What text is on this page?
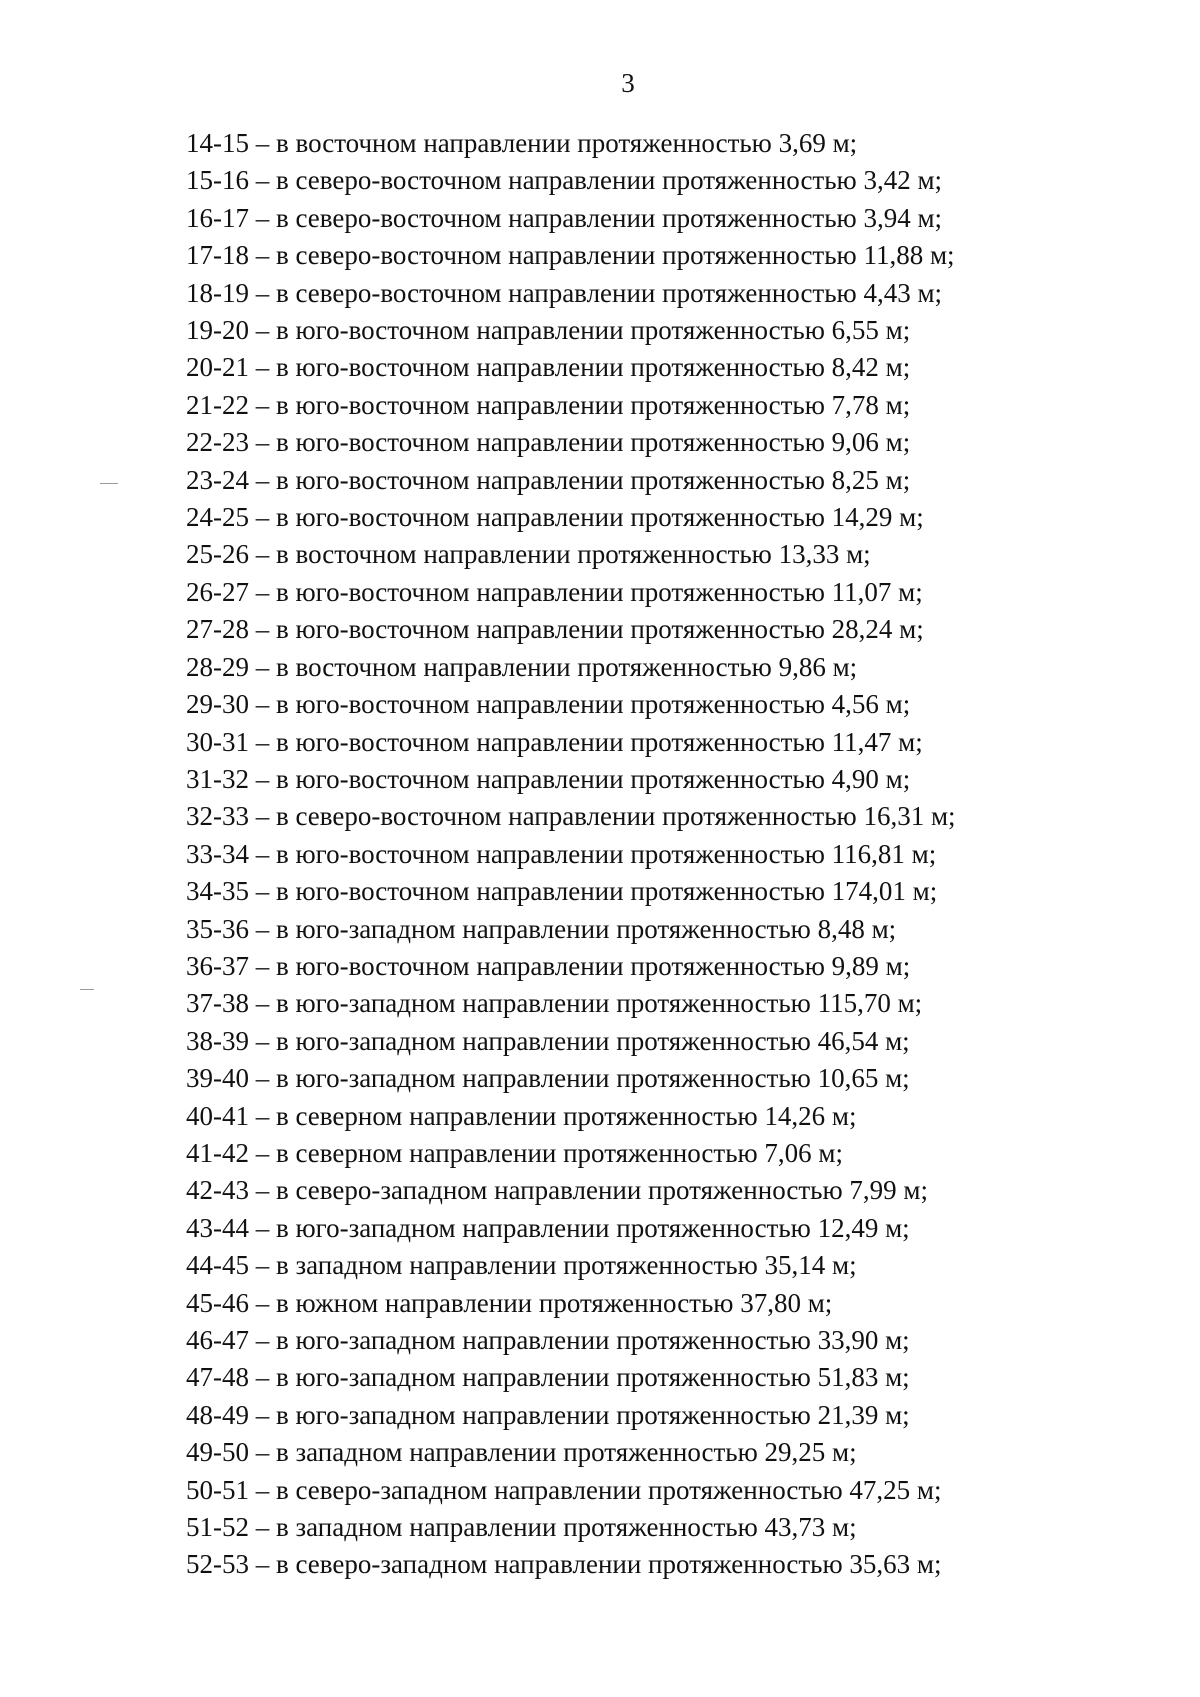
3
14-15 – в восточном направлении протяженностью 3,69 м;
15-16 – в северо-восточном направлении протяженностью 3,42 м;
16-17 – в северо-восточном направлении протяженностью 3,94 м;
17-18 – в северо-восточном направлении протяженностью 11,88 м;
18-19 – в северо-восточном направлении протяженностью 4,43 м;
19-20 – в юго-восточном направлении протяженностью 6,55 м;
20-21 – в юго-восточном направлении протяженностью 8,42 м;
21-22 – в юго-восточном направлении протяженностью 7,78 м;
22-23 – в юго-восточном направлении протяженностью 9,06 м;
23-24 – в юго-восточном направлении протяженностью 8,25 м;
24-25 – в юго-восточном направлении протяженностью 14,29 м;
25-26 – в восточном направлении протяженностью 13,33 м;
26-27 – в юго-восточном направлении протяженностью 11,07 м;
27-28 – в юго-восточном направлении протяженностью 28,24 м;
28-29 – в восточном направлении протяженностью 9,86 м;
29-30 – в юго-восточном направлении протяженностью 4,56 м;
30-31 – в юго-восточном направлении протяженностью 11,47 м;
31-32 – в юго-восточном направлении протяженностью 4,90 м;
32-33 – в северо-восточном направлении протяженностью 16,31 м;
33-34 – в юго-восточном направлении протяженностью 116,81 м;
34-35 – в юго-восточном направлении протяженностью 174,01 м;
35-36 – в юго-западном направлении протяженностью 8,48 м;
36-37 – в юго-восточном направлении протяженностью 9,89 м;
37-38 – в юго-западном направлении протяженностью 115,70 м;
38-39 – в юго-западном направлении протяженностью 46,54 м;
39-40 – в юго-западном направлении протяженностью 10,65 м;
40-41 – в северном направлении протяженностью 14,26 м;
41-42 – в северном направлении протяженностью 7,06 м;
42-43 – в северо-западном направлении протяженностью 7,99 м;
43-44 – в юго-западном направлении протяженностью 12,49 м;
44-45 – в западном направлении протяженностью 35,14 м;
45-46 – в южном направлении протяженностью 37,80 м;
46-47 – в юго-западном направлении протяженностью 33,90 м;
47-48 – в юго-западном направлении протяженностью 51,83 м;
48-49 – в юго-западном направлении протяженностью 21,39 м;
49-50 – в западном направлении протяженностью 29,25 м;
50-51 – в северо-западном направлении протяженностью 47,25 м;
51-52 – в западном направлении протяженностью 43,73 м;
52-53 – в северо-западном направлении протяженностью 35,63 м;
